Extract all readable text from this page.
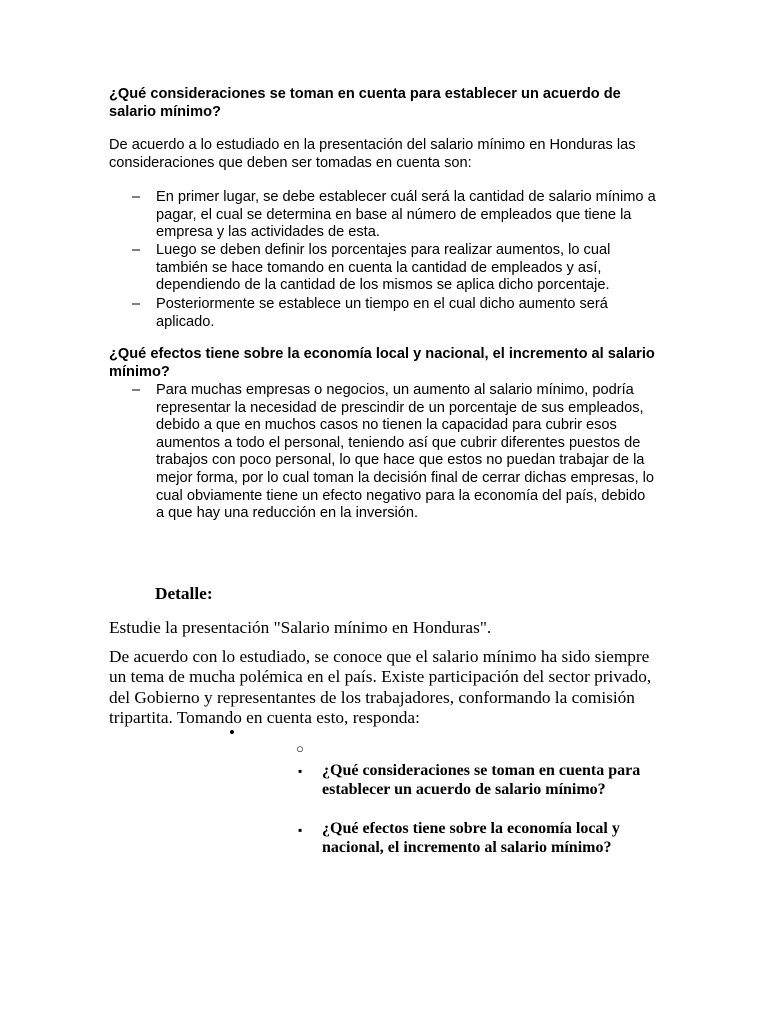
¿Qué consideraciones se toman en cuenta para establecer un acuerdo de salario mínimo?
De acuerdo a lo estudiado en la presentación del salario mínimo en Honduras las consideraciones que deben ser tomadas en cuenta son:
– En primer lugar, se debe establecer cuál será la cantidad de salario mínimo a pagar, el cual se determina en base al número de empleados que tiene la empresa y las actividades de esta.
– Luego se deben definir los porcentajes para realizar aumentos, lo cual también se hace tomando en cuenta la cantidad de empleados y así, dependiendo de la cantidad de los mismos se aplica dicho porcentaje.
– Posteriormente se establece un tiempo en el cual dicho aumento será aplicado.
¿Qué efectos tiene sobre la economía local y nacional, el incremento al salario mínimo?
– Para muchas empresas o negocios, un aumento al salario mínimo, podría representar la necesidad de prescindir de un porcentaje de sus empleados, debido a que en muchos casos no tienen la capacidad para cubrir esos aumentos a todo el personal, teniendo así que cubrir diferentes puestos de trabajos con poco personal, lo que hace que estos no puedan trabajar de la mejor forma, por lo cual toman la decisión final de cerrar dichas empresas, lo cual obviamente tiene un efecto negativo para la economía del país, debido a que hay una reducción en la inversión.
Detalle:
Estudie la presentación "Salario mínimo en Honduras".
De acuerdo con lo estudiado, se conoce que el salario mínimo ha sido siempre un tema de mucha polémica en el país. Existe participación del sector privado, del Gobierno y representantes de los trabajadores, conformando la comisión tripartita. Tomando en cuenta esto, responda:
•
○
▪ ¿Qué consideraciones se toman en cuenta para establecer un acuerdo de salario mínimo?
▪ ¿Qué efectos tiene sobre la economía local y nacional, el incremento al salario mínimo?
